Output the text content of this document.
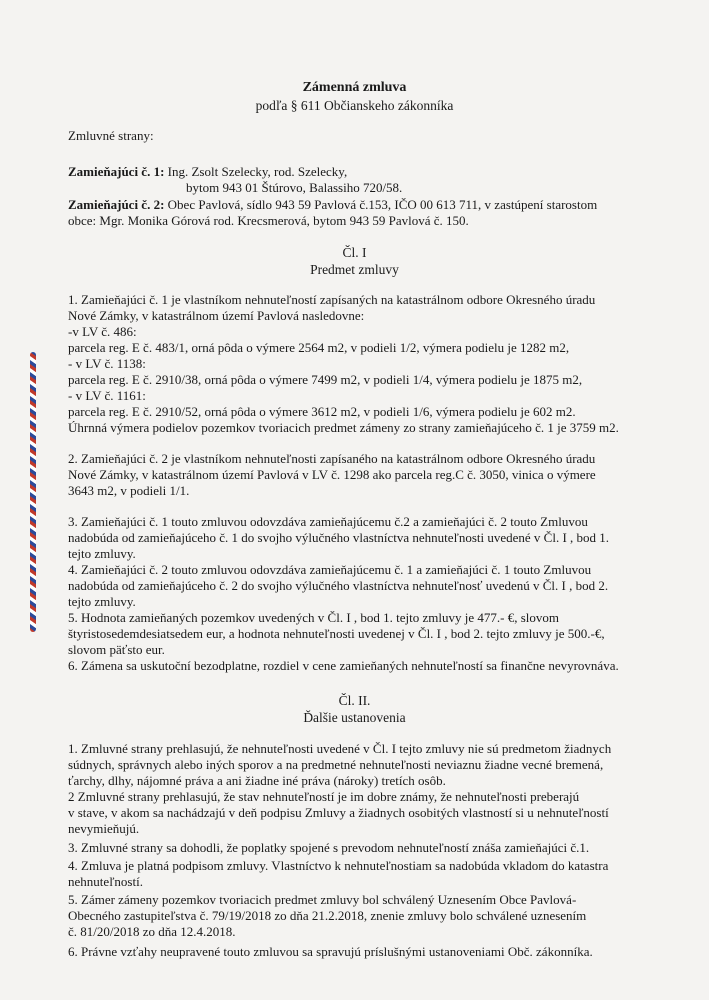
Zámenná zmluva
podľa § 611 Občianskeho zákonníka
Zmluvné strany:
Zamieňajúci č. 1: Ing. Zsolt Szelecky, rod. Szelecky,
bytom 943 01 Štúrovo, Balassiho 720/58.
Zamieňajúci č. 2: Obec Pavlová, sídlo 943 59 Pavlová č.153, IČO 00 613 711, v zastúpení starostom
obce: Mgr. Monika Górová rod. Krecsmerová, bytom 943 59 Pavlová č. 150.
Čl. I
Predmet zmluvy
1. Zamieňajúci č. 1 je vlastníkom nehnuteľností zapísaných na katastrálnom odbore Okresného úradu
Nové Zámky, v katastrálnom území Pavlová nasledovne:
-v LV č. 486:
parcela reg. E č. 483/1, orná pôda o výmere 2564 m2, v podieli 1/2, výmera podielu je 1282 m2,
- v LV č. 1138:
parcela reg. E č. 2910/38, orná pôda o výmere 7499 m2, v podieli 1/4, výmera podielu je 1875 m2,
- v LV č. 1161:
parcela reg. E č. 2910/52, orná pôda o výmere 3612 m2, v podieli 1/6, výmera podielu je 602 m2.
Úhrnná výmera podielov pozemkov tvoriacich predmet zámeny zo strany zamieňajúceho č. 1 je 3759 m2.
2. Zamieňajúci č. 2 je vlastníkom nehnuteľnosti zapísaného na katastrálnom odbore Okresného úradu
Nové Zámky, v katastrálnom území Pavlová v LV č. 1298 ako parcela reg.C č. 3050, vinica o výmere
3643 m2, v podieli 1/1.
3. Zamieňajúci č. 1 touto zmluvou odovzdáva zamieňajúcemu č.2 a zamieňajúci č. 2 touto Zmluvou
nadobúda od zamieňajúceho č. 1 do svojho výlučného vlastníctva nehnuteľnosti uvedené v Čl. I , bod 1.
tejto zmluvy.
4. Zamieňajúci č. 2 touto zmluvou odovzdáva zamieňajúcemu č. 1 a zamieňajúci č. 1 touto Zmluvou
nadobúda od zamieňajúceho č. 2 do svojho výlučného vlastníctva nehnuteľnosť uvedenú v Čl. I , bod 2.
tejto zmluvy.
5. Hodnota zamieňaných pozemkov uvedených v Čl. I , bod 1. tejto zmluvy je 477.- €, slovom
štyristosedemdesiatsedem eur, a hodnota nehnuteľnosti uvedenej v Čl. I , bod 2. tejto zmluvy je 500.-€,
slovom päťsto eur.
6. Zámena sa uskutoční bezodplatne, rozdiel v cene zamieňaných nehnuteľností sa finančne nevyrovnáva.
Čl. II.
Ďalšie ustanovenia
1. Zmluvné strany prehlasujú, že nehnuteľnosti uvedené v Čl. I tejto zmluvy nie sú predmetom žiadnych
súdnych, správnych alebo iných sporov a na predmetné nehnuteľnosti neviaznu žiadne vecné bremená,
ťarchy, dlhy, nájomné práva a ani žiadne iné práva (nároky) tretích osôb.
2 Zmluvné strany prehlasujú, že stav nehnuteľností je im dobre známy, že nehnuteľnosti preberajú
v stave, v akom sa nachádzajú v deň podpisu Zmluvy a žiadnych osobitých vlastností si u nehnuteľností
nevymieňujú.
3. Zmluvné strany sa dohodli, že poplatky spojené s prevodom nehnuteľností znáša zamieňajúci č.1.
4. Zmluva je platná podpisom zmluvy. Vlastníctvo k nehnuteľnostiam sa nadobúda vkladom do katastra
nehnuteľností.
5. Zámer zámeny pozemkov tvoriacich predmet zmluvy bol schválený Uznesením Obce Pavlová-
Obecného zastupiteľstva č. 79/19/2018 zo dňa 21.2.2018, znenie zmluvy bolo schválené uznesením
č. 81/20/2018 zo dňa 12.4.2018.
6. Právne vzťahy neupravené touto zmluvou sa spravujú príslušnými ustanoveniami Obč. zákonníka.
